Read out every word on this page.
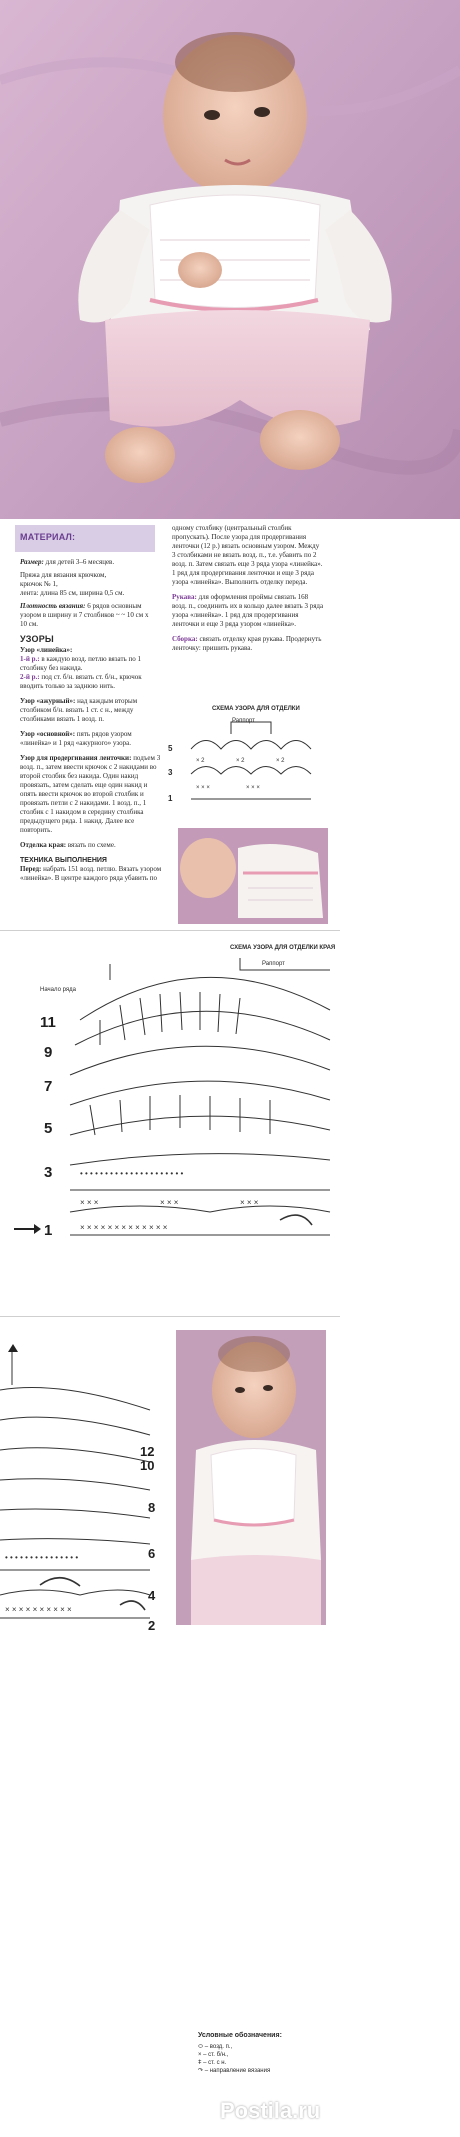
МАТЕРИАЛ:
Размер: для детей 3–6 месяцев.
Пряжа для вязания крючком,
крючок № 1,
лента: длина 85 см, ширина 0,5 см.
Плотность вязания: 6 рядов основным узором в ширину и 7 столбиков ~ ~ 10 см х 10 см.
УЗОРЫ
Узор «линейка»:
1-й р.: в каждую возд. петлю вязать по 1 столбику без накида.
2-й р.: под ст. б/н. вязать ст. б/н., крючок вводить только за заднюю нить.
Узор «ажурный»: над каждым вторым столбиком б/н. вязать 1 ст. с н., между столбиками вязать 1 возд. п.
Узор «основной»: пять рядов узором «линейка» и 1 ряд «ажурного» узора.
Узор для продергивания ленточки: подъем 3 возд. п., затем ввести крючок с 2 накидами во второй столбик без накида. Один накид провязать, затем сделать еще один накид и опять ввести крючок во второй столбик и провязать петли с 2 накидами. 1 возд. п., 1 столбик с 1 накидом в середину столбика предыдущего ряда. 1 накид. Далее все повторить.
Отделка края: вязать по схеме.
ТЕХНИКА ВЫПОЛНЕНИЯ
Перед: набрать 151 возд. петлю. Вязать узором «линейка». В центре каждого ряда убавить по
одному столбику (центральный столбик пропускать). После узора для продергивания ленточки (12 р.) вязать основным узором. Между 3 столбиками не вязать возд. п., т.е. убавить по 2 возд. п. Затем связать еще 3 ряда узора «линейка». 1 ряд для продергивания ленточки и еще 3 ряда узора «линейка». Выполнить отделку переда.
Рукава: для оформления проймы связать 168 возд. п., соединить их в кольцо далее вязать 3 ряда узора «линейка». 1 ряд для продергивания ленточки и еще 3 ряда узором «линейка».
Сборка: связать отделку края рукава. Продернуть ленточку: пришить рукава.
СХЕМА УЗОРА ДЛЯ ОТДЕЛКИ
× 2	× 2	× 2
× × ×	× × ×
Раппорт
5
3
1
СХЕМА УЗОРА ДЛЯ ОТДЕЛКИ КРАЯ
Раппорт
Начало ряда
• • • • • • • • • • • • • • • • • • • • •
× × × × × × × × × × × × ×
× × ×	× × ×	× × ×
11
9
7
5
3
1
• • • • • • • • • • • • • • •
× × × × × × × × × ×
12
10
8
6
4
2
Условные обозначения:
⬭ – возд. п.,
× – ст. б/н.,
ǂ – ст. с н.
↷ – направление вязания
Postila.ru
